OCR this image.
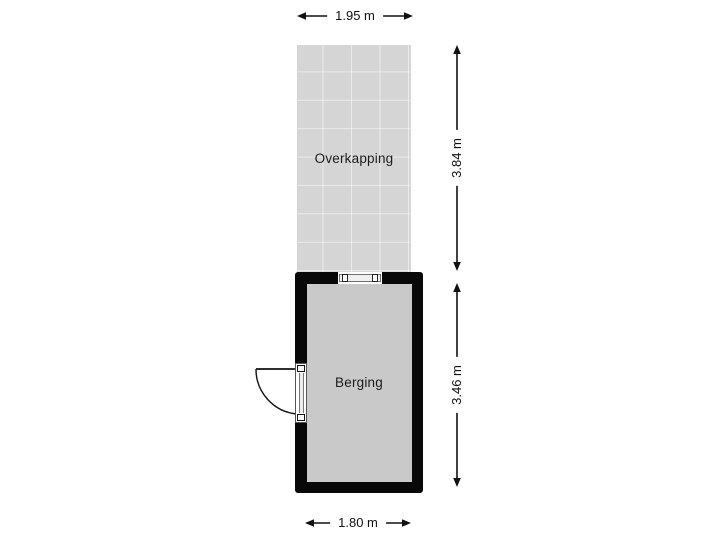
Overkapping
Berging
1.95 m
3.84 m
3.46 m
1.80 m
